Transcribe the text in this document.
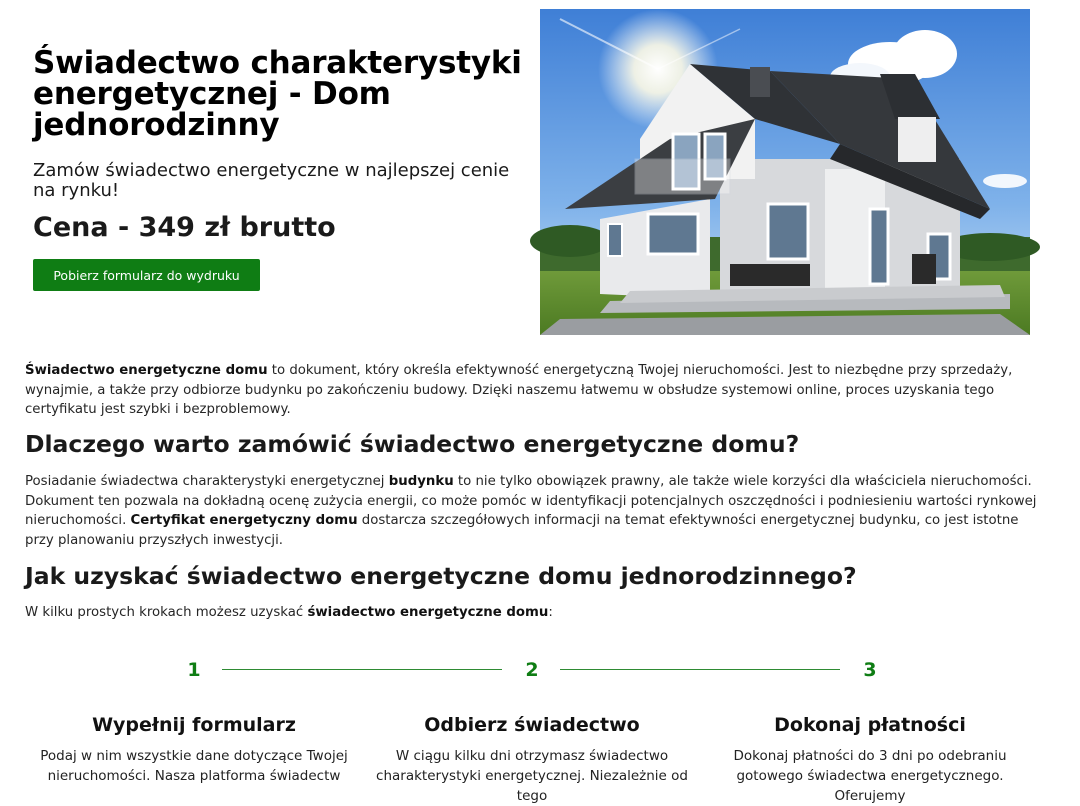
Świadectwo charakterystyki energetycznej - Dom jednorodzinny

Zamów świadectwo energetyczne w najlepszej cenie na rynku!

Cena - 349 zł brutto

Pobierz formularz do wydruku

Świadectwo energetyczne domu to dokument, który określa efektywność energetyczną Twojej nieruchomości. Jest to niezbędne przy sprzedaży, wynajmie, a także przy odbiorze budynku po zakończeniu budowy. Dzięki naszemu łatwemu w obsłudze systemowi online, proces uzyskania tego certyfikatu jest szybki i bezproblemowy.

Dlaczego warto zamówić świadectwo energetyczne domu?

Posiadanie świadectwa charakterystyki energetycznej budynku to nie tylko obowiązek prawny, ale także wiele korzyści dla właściciela nieruchomości. Dokument ten pozwala na dokładną ocenę zużycia energii, co może pomóc w identyfikacji potencjalnych oszczędności i podniesieniu wartości rynkowej nieruchomości. Certyfikat energetyczny domu dostarcza szczegółowych informacji na temat efektywności energetycznej budynku, co jest istotne przy planowaniu przyszłych inwestycji.

Jak uzyskać świadectwo energetyczne domu jednorodzinnego?

W kilku prostych krokach możesz uzyskać świadectwo energetyczne domu:

1	2	3
Wypełnij formularz	Odbierz świadectwo	Dokonaj płatności

Podaj w nim wszystkie dane dotyczące Twojej nieruchomości. Nasza platforma świadectw

W ciągu kilku dni otrzymasz świadectwo charakterystyki energetycznej. Niezależnie od tego

Dokonaj płatności do 3 dni po odebraniu gotowego świadectwa energetycznego. Oferujemy
